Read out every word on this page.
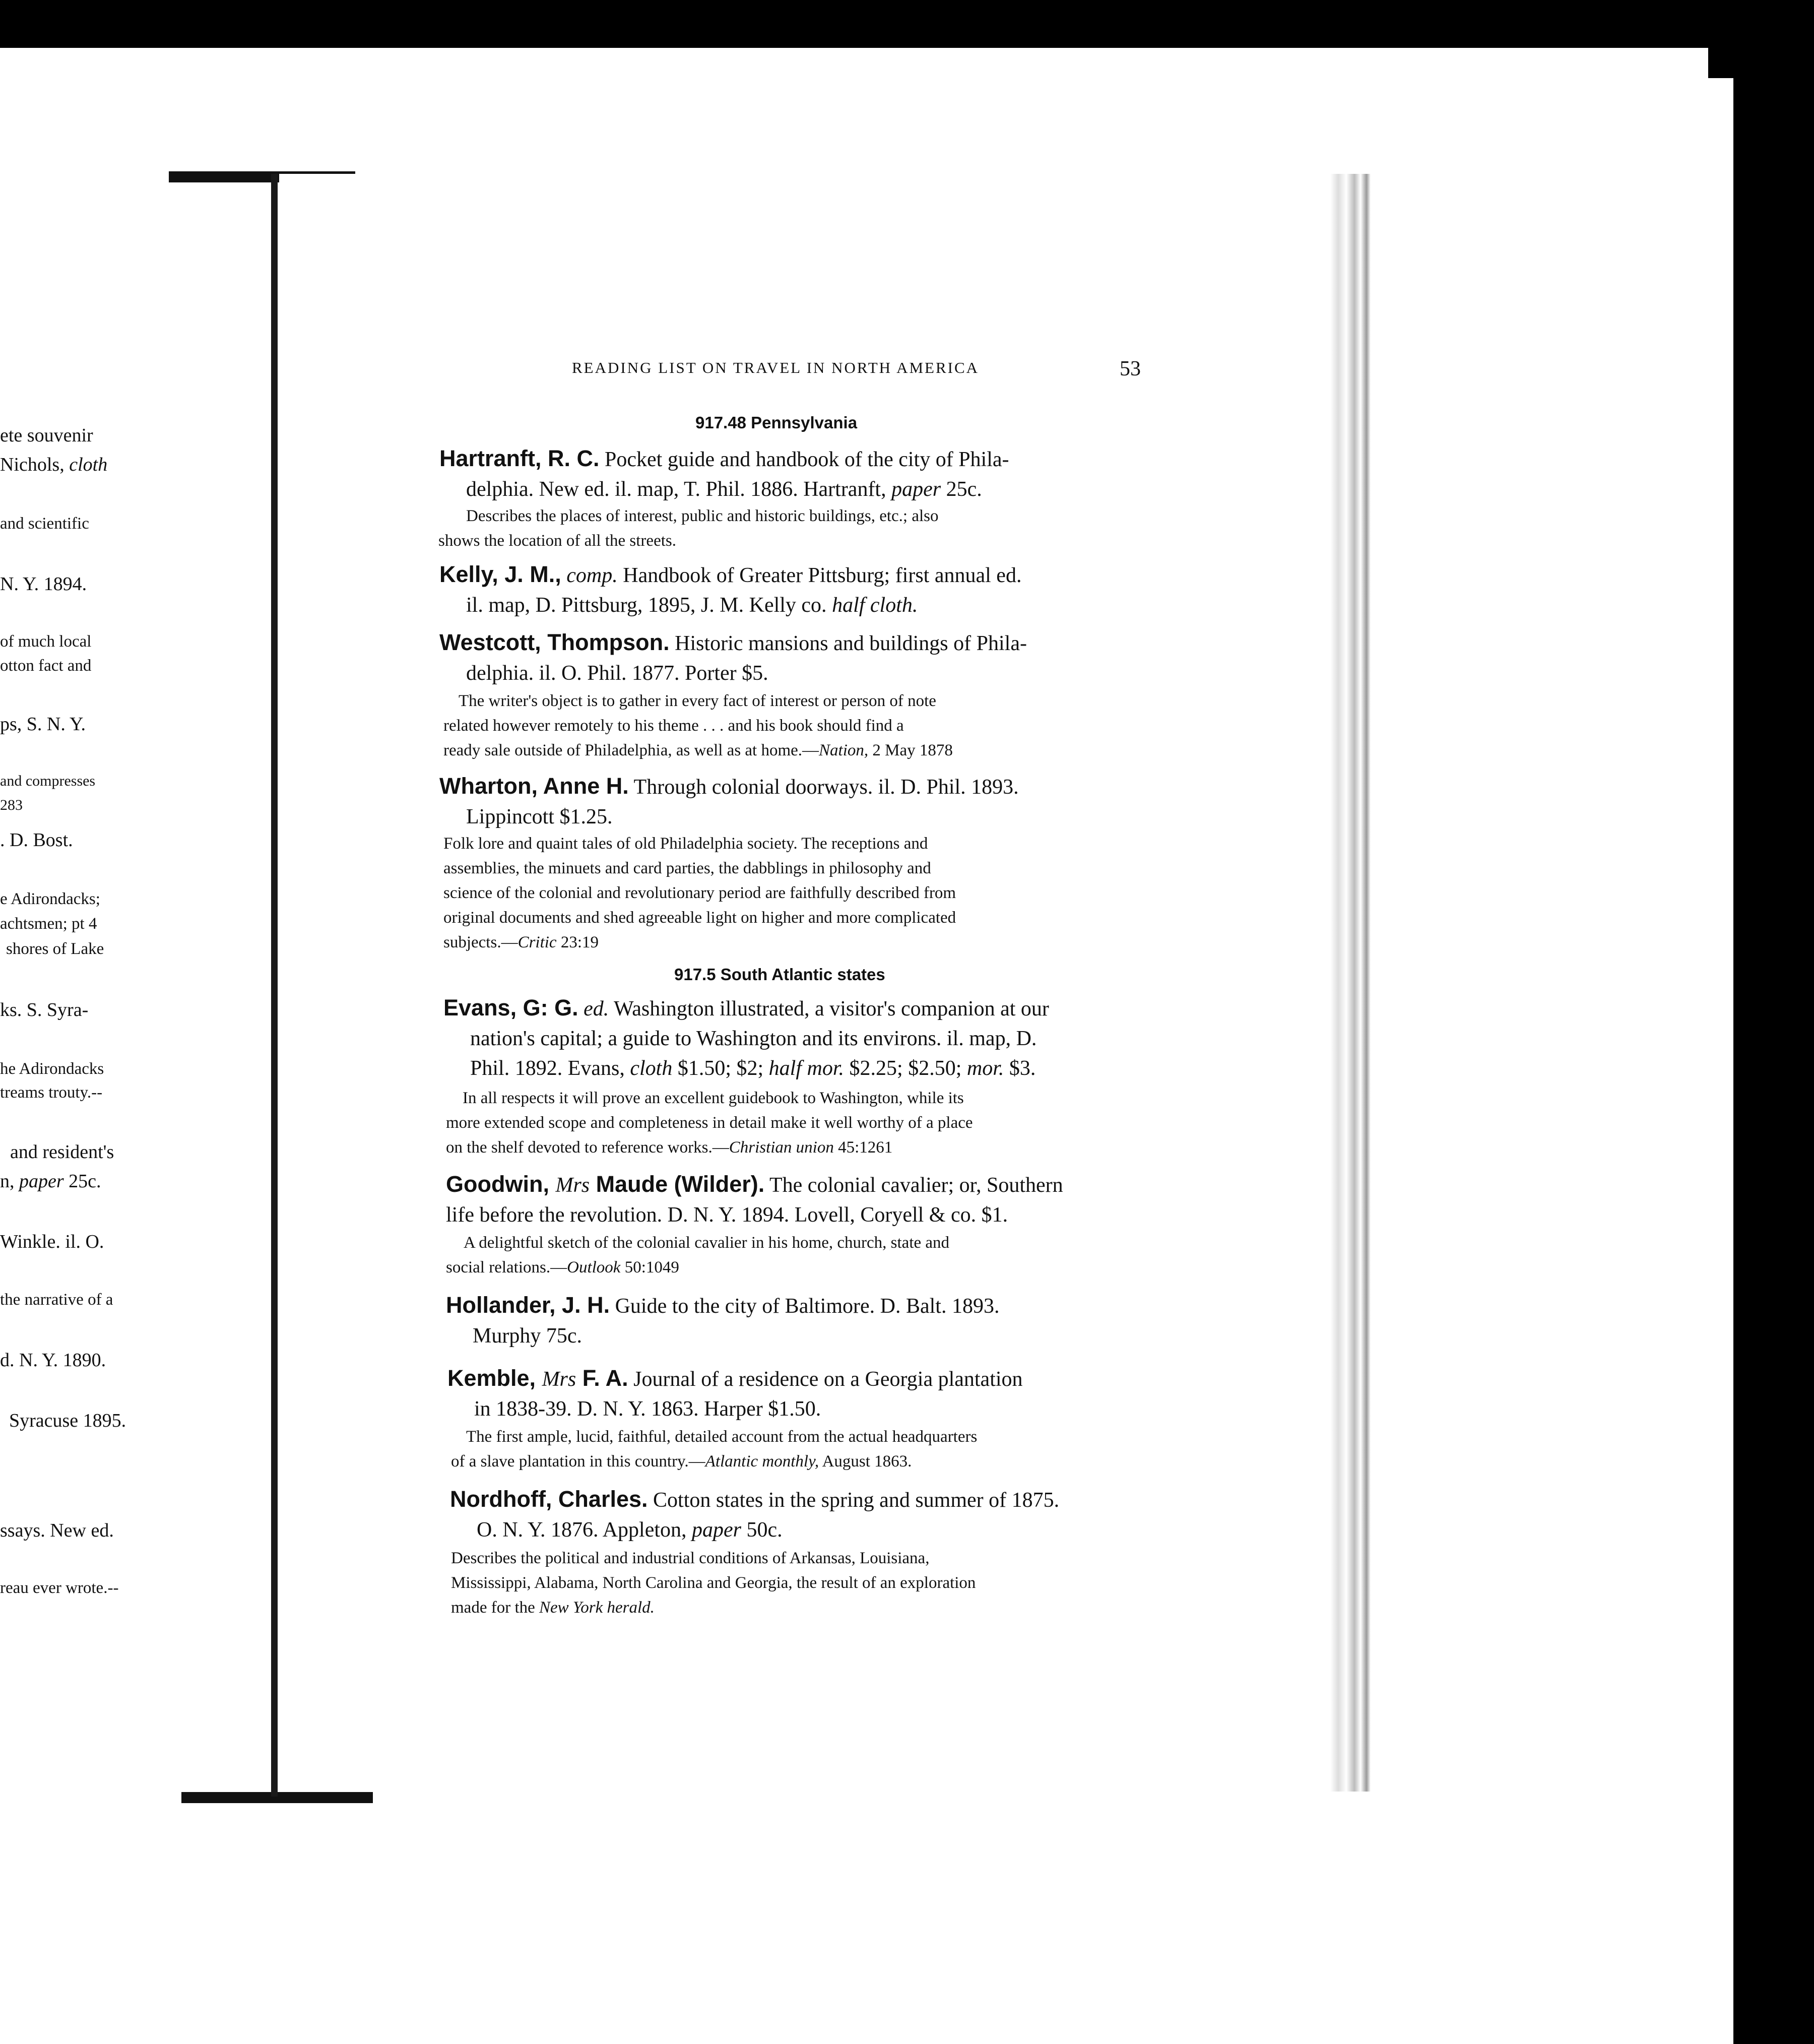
ete souvenir
Nichols, cloth
and scientific
N. Y. 1894.
of much local
otton fact and
ps, S. N. Y.
and compresses
283
. D. Bost.
e Adirondacks;
achtsmen; pt 4
shores of Lake
ks. S. Syra-
he Adirondacks
treams trouty.--
and resident's
n, paper 25c.
Winkle. il. O.
the narrative of a
d. N. Y. 1890.
Syracuse 1895.
ssays. New ed.
reau ever wrote.--
READING LIST ON TRAVEL IN NORTH AMERICA	53
917.48 Pennsylvania
Hartranft, R. C. Pocket guide and handbook of the city of Phila-
delphia. New ed. il. map, T. Phil. 1886. Hartranft, paper 25c.
Describes the places of interest, public and historic buildings, etc.; also
shows the location of all the streets.
Kelly, J. M., comp. Handbook of Greater Pittsburg; first annual ed.
il. map, D. Pittsburg, 1895, J. M. Kelly co. half cloth.
Westcott, Thompson. Historic mansions and buildings of Phila-
delphia. il. O. Phil. 1877. Porter $5.
The writer's object is to gather in every fact of interest or person of note
related however remotely to his theme . . . and his book should find a
ready sale outside of Philadelphia, as well as at home.—Nation, 2 May 1878
Wharton, Anne H. Through colonial doorways. il. D. Phil. 1893.
Lippincott $1.25.
Folk lore and quaint tales of old Philadelphia society. The receptions and
assemblies, the minuets and card parties, the dabblings in philosophy and
science of the colonial and revolutionary period are faithfully described from
original documents and shed agreeable light on higher and more complicated
subjects.—Critic 23:19
917.5 South Atlantic states
Evans, G: G. ed. Washington illustrated, a visitor's companion at our
nation's capital; a guide to Washington and its environs. il. map, D.
Phil. 1892. Evans, cloth $1.50; $2; half mor. $2.25; $2.50; mor. $3.
In all respects it will prove an excellent guidebook to Washington, while its
more extended scope and completeness in detail make it well worthy of a place
on the shelf devoted to reference works.—Christian union 45:1261
Goodwin, Mrs Maude (Wilder). The colonial cavalier; or, Southern
life before the revolution. D. N. Y. 1894. Lovell, Coryell & co. $1.
A delightful sketch of the colonial cavalier in his home, church, state and
social relations.—Outlook 50:1049
Hollander, J. H. Guide to the city of Baltimore. D. Balt. 1893.
Murphy 75c.
Kemble, Mrs F. A. Journal of a residence on a Georgia plantation
in 1838-39. D. N. Y. 1863. Harper $1.50.
The first ample, lucid, faithful, detailed account from the actual headquarters
of a slave plantation in this country.—Atlantic monthly, August 1863.
Nordhoff, Charles. Cotton states in the spring and summer of 1875.
O. N. Y. 1876. Appleton, paper 50c.
Describes the political and industrial conditions of Arkansas, Louisiana,
Mississippi, Alabama, North Carolina and Georgia, the result of an exploration
made for the New York herald.
